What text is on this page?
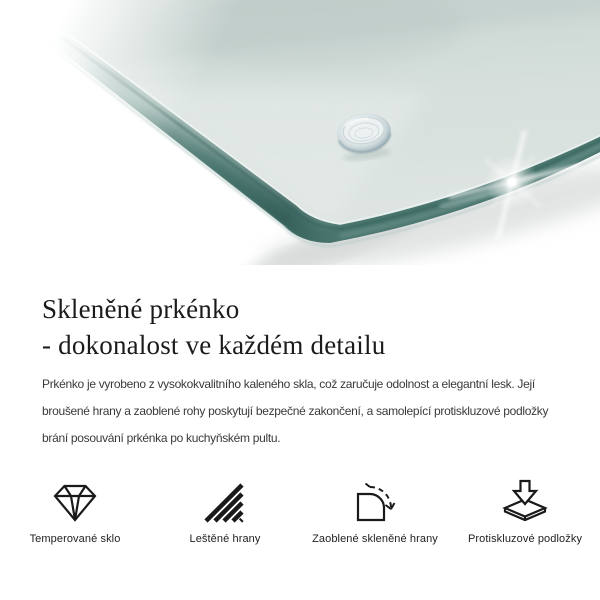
Skleněné prkénko
- dokonalost ve každém detailu

Prkénko je vyrobeno z vysokokvalitního kaleného skla, což zaručuje odolnost a elegantní lesk. Její broušené hrany a zaoblené rohy poskytují bezpečné zakončení, a samolepící protiskluzové podložky brání posouvání prkénka po kuchyňském pultu.

Temperované sklo	Leštěné hrany	Zaoblené skleněné hrany	Protiskluzové podložky
